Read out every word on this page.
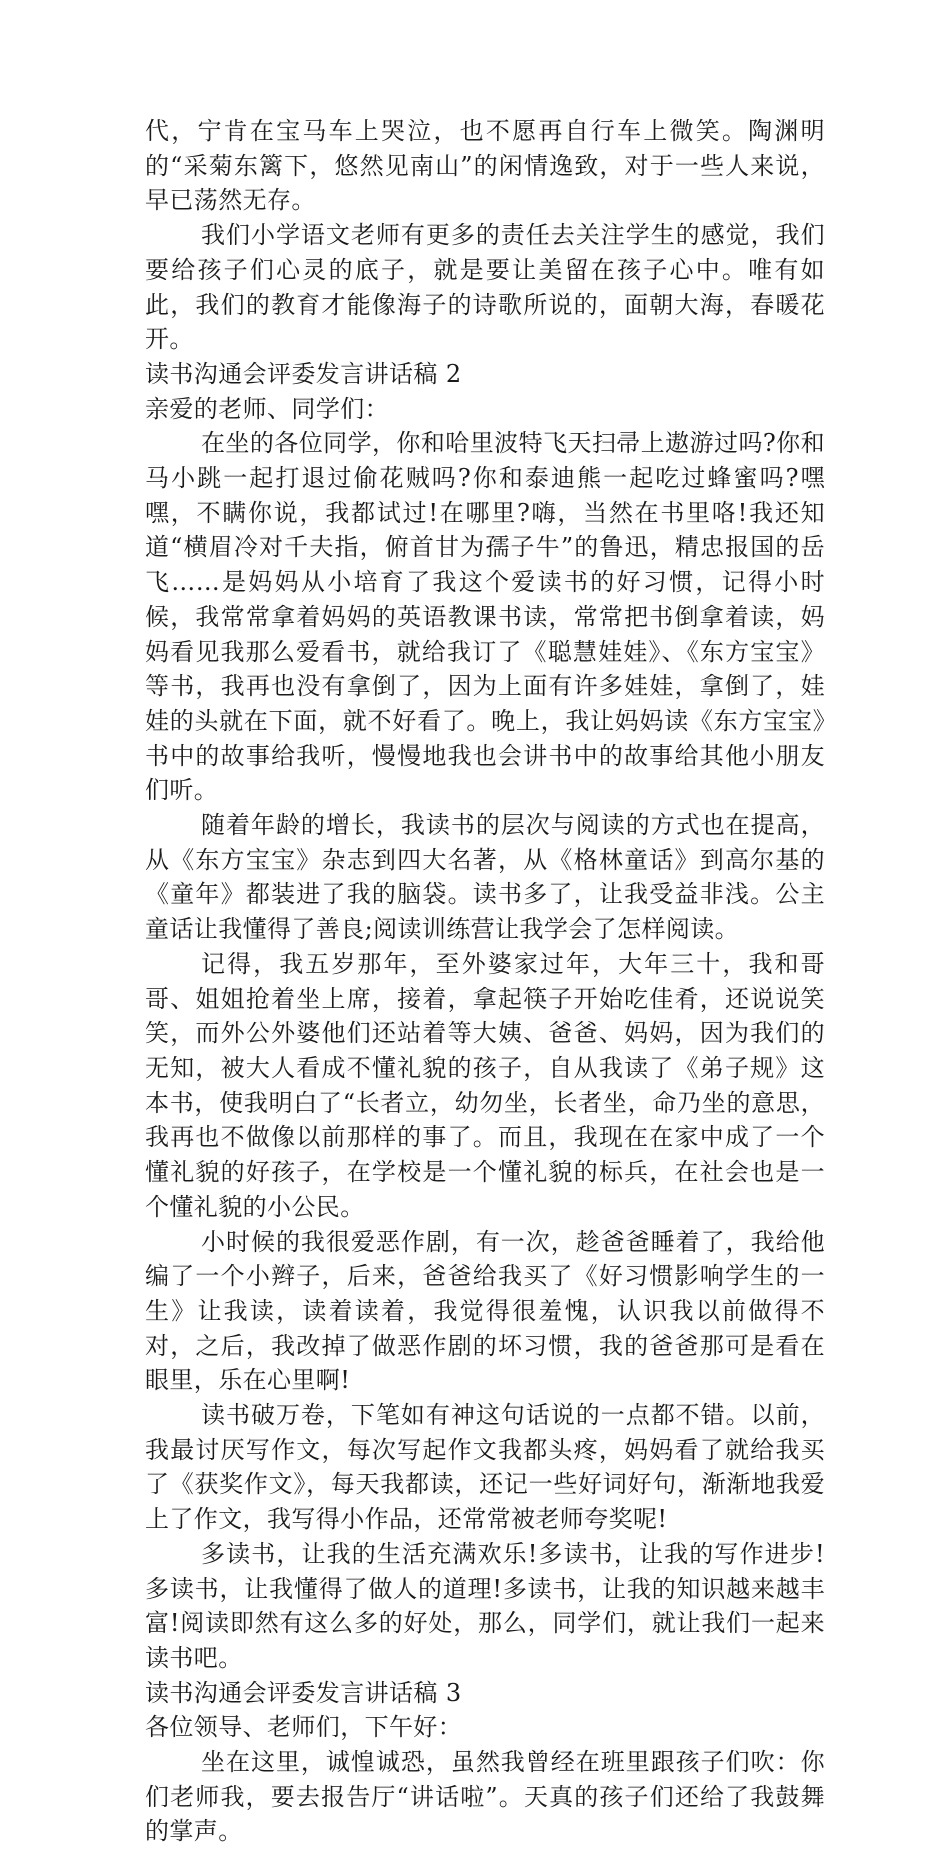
代，宁肯在宝马车上哭泣，也不愿再自行车上微笑。陶渊明的“采菊东篱下，悠然见南山”的闲情逸致，对于一些人来说，早已荡然无存。

我们小学语文老师有更多的责任去关注学生的感觉，我们要给孩子们心灵的底子，就是要让美留在孩子心中。唯有如此，我们的教育才能像海子的诗歌所说的，面朝大海，春暖花开。

读书沟通会评委发言讲话稿 2

亲爱的老师、同学们：

在坐的各位同学，你和哈里波特飞天扫帚上遨游过吗?你和马小跳一起打退过偷花贼吗?你和泰迪熊一起吃过蜂蜜吗?嘿嘿，不瞒你说，我都试过!在哪里?嗨，当然在书里咯!我还知道“横眉冷对千夫指，俯首甘为孺子牛”的鲁迅，精忠报国的岳飞……是妈妈从小培育了我这个爱读书的好习惯，记得小时候，我常常拿着妈妈的英语教课书读，常常把书倒拿着读，妈妈看见我那么爱看书，就给我订了《聪慧娃娃》、《东方宝宝》等书，我再也没有拿倒了，因为上面有许多娃娃，拿倒了，娃娃的头就在下面，就不好看了。晚上，我让妈妈读《东方宝宝》书中的故事给我听，慢慢地我也会讲书中的故事给其他小朋友们听。

随着年龄的增长，我读书的层次与阅读的方式也在提高，从《东方宝宝》杂志到四大名著，从《格林童话》到高尔基的《童年》都装进了我的脑袋。读书多了，让我受益非浅。公主童话让我懂得了善良;阅读训练营让我学会了怎样阅读。

记得，我五岁那年，至外婆家过年，大年三十，我和哥哥、姐姐抢着坐上席，接着，拿起筷子开始吃佳肴，还说说笑笑，而外公外婆他们还站着等大姨、爸爸、妈妈，因为我们的无知，被大人看成不懂礼貌的孩子，自从我读了《弟子规》这本书，使我明白了“长者立，幼勿坐，长者坐，命乃坐的意思，我再也不做像以前那样的事了。而且，我现在在家中成了一个懂礼貌的好孩子，在学校是一个懂礼貌的标兵，在社会也是一个懂礼貌的小公民。

小时候的我很爱恶作剧，有一次，趁爸爸睡着了，我给他编了一个小辫子，后来，爸爸给我买了《好习惯影响学生的一生》让我读，读着读着，我觉得很羞愧，认识我以前做得不对，之后，我改掉了做恶作剧的坏习惯，我的爸爸那可是看在眼里，乐在心里啊!

读书破万卷，下笔如有神这句话说的一点都不错。以前，我最讨厌写作文，每次写起作文我都头疼，妈妈看了就给我买了《获奖作文》，每天我都读，还记一些好词好句，渐渐地我爱上了作文，我写得小作品，还常常被老师夸奖呢!

多读书，让我的生活充满欢乐!多读书，让我的写作进步!多读书，让我懂得了做人的道理!多读书，让我的知识越来越丰富!阅读即然有这么多的好处，那么，同学们，就让我们一起来读书吧。

读书沟通会评委发言讲话稿 3

各位领导、老师们，下午好：

坐在这里，诚惶诚恐，虽然我曾经在班里跟孩子们吹：你们老师我，要去报告厅“讲话啦”。天真的孩子们还给了我鼓舞的掌声。
